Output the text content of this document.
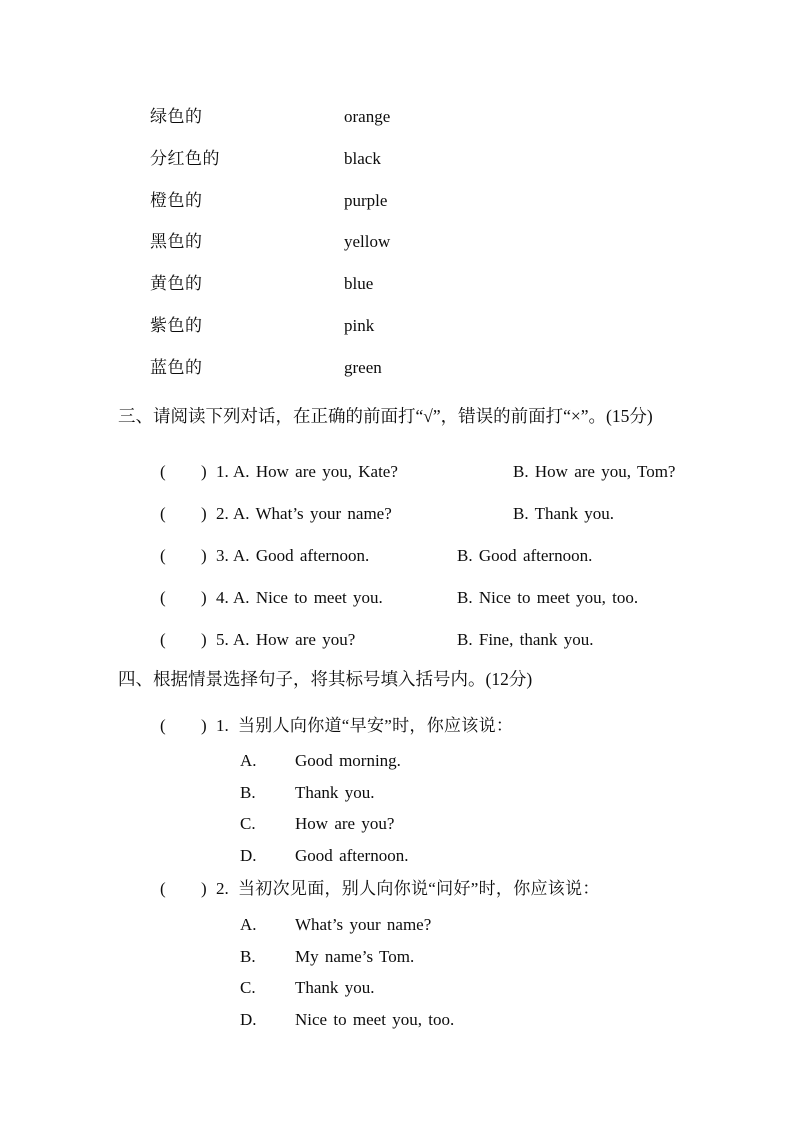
绿色的	orange
分红色的	black
橙色的	purple
黑色的	yellow
黄色的	blue
紫色的	pink
蓝色的	green
三、请阅读下列对话，在正确的前面打“√”，错误的前面打“×”。(15分)
( ) 1. A. How are you, Kate?	B. How are you, Tom?
( ) 2. A. What’s your name?	B. Thank you.
( ) 3. A. Good afternoon.	B. Good afternoon.
( ) 4. A. Nice to meet you.	B. Nice to meet you, too.
( ) 5. A. How are you?	B. Fine, thank you.
四、根据情景选择句子，将其标号填入括号内。(12分)
( ) 1. 当别人向你道“早安”时，你应该说：
A. Good morning.
B. Thank you.
C. How are you?
D. Good afternoon.
( ) 2. 当初次见面，别人向你说“问好”时，你应该说：
A. What’s your name?
B. My name’s Tom.
C. Thank you.
D. Nice to meet you, too.
